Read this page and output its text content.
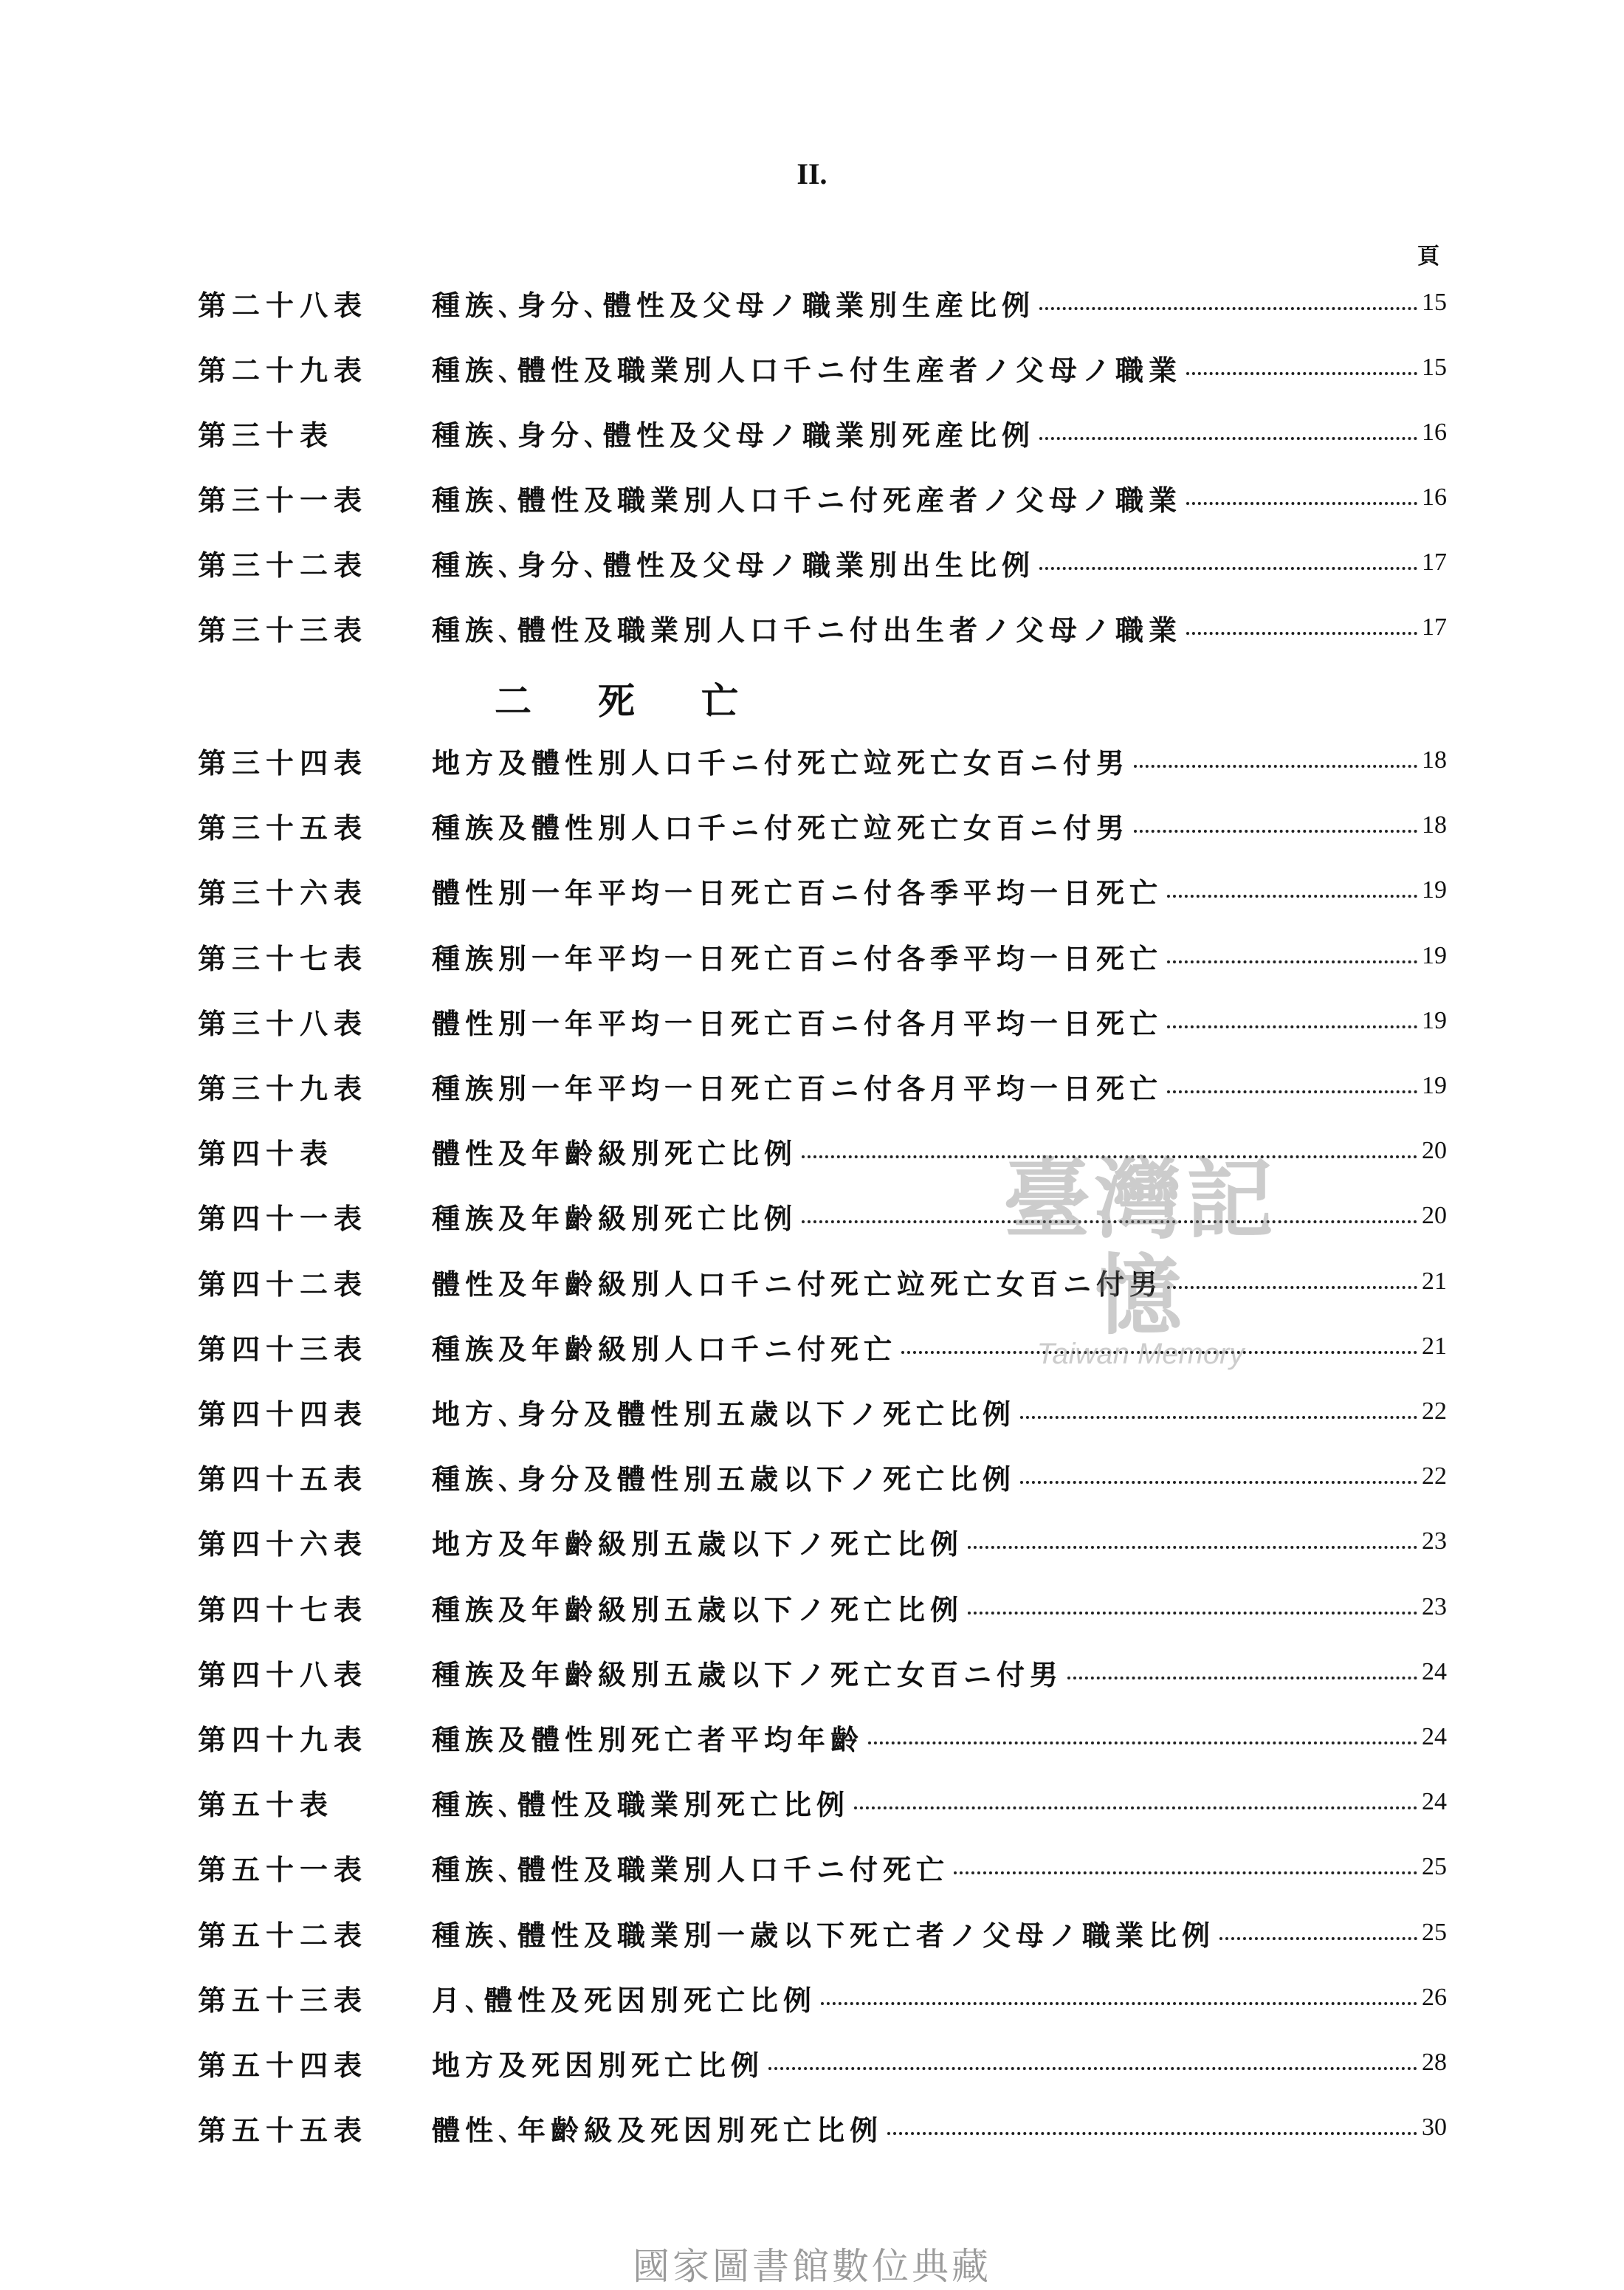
II.
頁
二死亡
第二十八表	種族､身分､體性及父母ノ職業別生産比例	15
第二十九表	種族､體性及職業別人口千ニ付生産者ノ父母ノ職業	15
第三十表	種族､身分､體性及父母ノ職業別死産比例	16
第三十一表	種族､體性及職業別人口千ニ付死産者ノ父母ノ職業	16
第三十二表	種族､身分､體性及父母ノ職業別出生比例	17
第三十三表	種族､體性及職業別人口千ニ付出生者ノ父母ノ職業	17
第三十四表	地方及體性別人口千ニ付死亡竝死亡女百ニ付男	18
第三十五表	種族及體性別人口千ニ付死亡竝死亡女百ニ付男	18
第三十六表	體性別一年平均一日死亡百ニ付各季平均一日死亡	19
第三十七表	種族別一年平均一日死亡百ニ付各季平均一日死亡	19
第三十八表	體性別一年平均一日死亡百ニ付各月平均一日死亡	19
第三十九表	種族別一年平均一日死亡百ニ付各月平均一日死亡	19
第四十表	體性及年齡級別死亡比例	20
第四十一表	種族及年齡級別死亡比例	20
第四十二表	體性及年齡級別人口千ニ付死亡竝死亡女百ニ付男	21
第四十三表	種族及年齡級別人口千ニ付死亡	21
第四十四表	地方､身分及體性別五歳以下ノ死亡比例	22
第四十五表	種族､身分及體性別五歳以下ノ死亡比例	22
第四十六表	地方及年齡級別五歳以下ノ死亡比例	23
第四十七表	種族及年齡級別五歳以下ノ死亡比例	23
第四十八表	種族及年齡級別五歳以下ノ死亡女百ニ付男	24
第四十九表	種族及體性別死亡者平均年齡	24
第五十表	種族､體性及職業別死亡比例	24
第五十一表	種族､體性及職業別人口千ニ付死亡	25
第五十二表	種族､體性及職業別一歳以下死亡者ノ父母ノ職業比例	25
第五十三表	月､體性及死因別死亡比例	26
第五十四表	地方及死因別死亡比例	28
第五十五表	體性､年齡級及死因別死亡比例	30
臺灣記憶
Taiwan Memory
國家圖書館數位典藏
